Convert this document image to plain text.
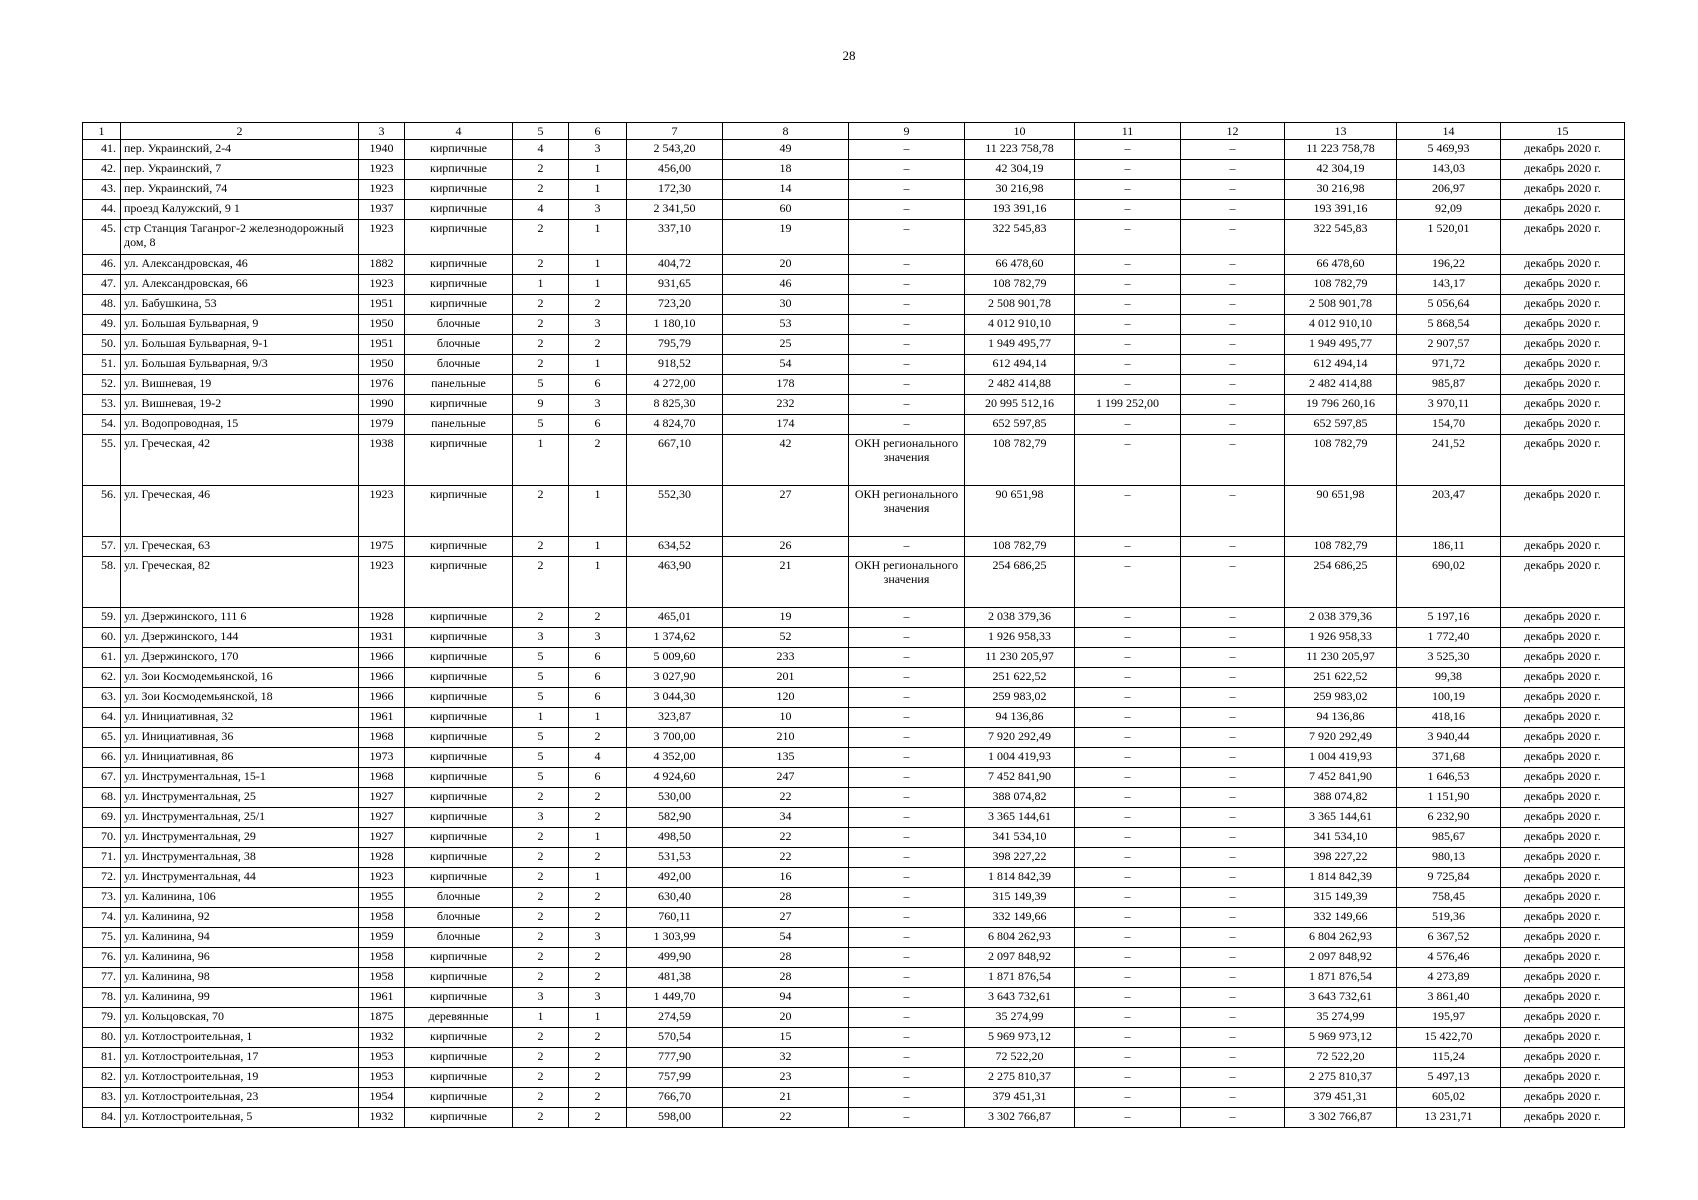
28
1	2	3	4	5	6	7	8	9	10	11	12	13	14	15
41.	пер. Украинский, 2-4	1940	кирпичные	4	3	2 543,20	49	–	11 223 758,78	–	–	11 223 758,78	5 469,93	декабрь 2020 г.
42.	пер. Украинский, 7	1923	кирпичные	2	1	456,00	18	–	42 304,19	–	–	42 304,19	143,03	декабрь 2020 г.
43.	пер. Украинский, 74	1923	кирпичные	2	1	172,30	14	–	30 216,98	–	–	30 216,98	206,97	декабрь 2020 г.
44.	проезд Калужский, 9 1	1937	кирпичные	4	3	2 341,50	60	–	193 391,16	–	–	193 391,16	92,09	декабрь 2020 г.
45.	стр Станция Таганрог-2 железнодорожный дом, 8	1923	кирпичные	2	1	337,10	19	–	322 545,83	–	–	322 545,83	1 520,01	декабрь 2020 г.
46.	ул. Александровская, 46	1882	кирпичные	2	1	404,72	20	–	66 478,60	–	–	66 478,60	196,22	декабрь 2020 г.
47.	ул. Александровская, 66	1923	кирпичные	1	1	931,65	46	–	108 782,79	–	–	108 782,79	143,17	декабрь 2020 г.
48.	ул. Бабушкина, 53	1951	кирпичные	2	2	723,20	30	–	2 508 901,78	–	–	2 508 901,78	5 056,64	декабрь 2020 г.
49.	ул. Большая Бульварная, 9	1950	блочные	2	3	1 180,10	53	–	4 012 910,10	–	–	4 012 910,10	5 868,54	декабрь 2020 г.
50.	ул. Большая Бульварная, 9-1	1951	блочные	2	2	795,79	25	–	1 949 495,77	–	–	1 949 495,77	2 907,57	декабрь 2020 г.
51.	ул. Большая Бульварная, 9/3	1950	блочные	2	1	918,52	54	–	612 494,14	–	–	612 494,14	971,72	декабрь 2020 г.
52.	ул. Вишневая, 19	1976	панельные	5	6	4 272,00	178	–	2 482 414,88	–	–	2 482 414,88	985,87	декабрь 2020 г.
53.	ул. Вишневая, 19-2	1990	кирпичные	9	3	8 825,30	232	–	20 995 512,16	1 199 252,00	–	19 796 260,16	3 970,11	декабрь 2020 г.
54.	ул. Водопроводная, 15	1979	панельные	5	6	4 824,70	174	–	652 597,85	–	–	652 597,85	154,70	декабрь 2020 г.
55.	ул. Греческая, 42	1938	кирпичные	1	2	667,10	42	ОКН регионального значения	108 782,79	–	–	108 782,79	241,52	декабрь 2020 г.
56.	ул. Греческая, 46	1923	кирпичные	2	1	552,30	27	ОКН регионального значения	90 651,98	–	–	90 651,98	203,47	декабрь 2020 г.
57.	ул. Греческая, 63	1975	кирпичные	2	1	634,52	26	–	108 782,79	–	–	108 782,79	186,11	декабрь 2020 г.
58.	ул. Греческая, 82	1923	кирпичные	2	1	463,90	21	ОКН регионального значения	254 686,25	–	–	254 686,25	690,02	декабрь 2020 г.
59.	ул. Дзержинского, 111 6	1928	кирпичные	2	2	465,01	19	–	2 038 379,36	–	–	2 038 379,36	5 197,16	декабрь 2020 г.
60.	ул. Дзержинского, 144	1931	кирпичные	3	3	1 374,62	52	–	1 926 958,33	–	–	1 926 958,33	1 772,40	декабрь 2020 г.
61.	ул. Дзержинского, 170	1966	кирпичные	5	6	5 009,60	233	–	11 230 205,97	–	–	11 230 205,97	3 525,30	декабрь 2020 г.
62.	ул. Зои Космодемьянской, 16	1966	кирпичные	5	6	3 027,90	201	–	251 622,52	–	–	251 622,52	99,38	декабрь 2020 г.
63.	ул. Зои Космодемьянской, 18	1966	кирпичные	5	6	3 044,30	120	–	259 983,02	–	–	259 983,02	100,19	декабрь 2020 г.
64.	ул. Инициативная, 32	1961	кирпичные	1	1	323,87	10	–	94 136,86	–	–	94 136,86	418,16	декабрь 2020 г.
65.	ул. Инициативная, 36	1968	кирпичные	5	2	3 700,00	210	–	7 920 292,49	–	–	7 920 292,49	3 940,44	декабрь 2020 г.
66.	ул. Инициативная, 86	1973	кирпичные	5	4	4 352,00	135	–	1 004 419,93	–	–	1 004 419,93	371,68	декабрь 2020 г.
67.	ул. Инструментальная, 15-1	1968	кирпичные	5	6	4 924,60	247	–	7 452 841,90	–	–	7 452 841,90	1 646,53	декабрь 2020 г.
68.	ул. Инструментальная, 25	1927	кирпичные	2	2	530,00	22	–	388 074,82	–	–	388 074,82	1 151,90	декабрь 2020 г.
69.	ул. Инструментальная, 25/1	1927	кирпичные	3	2	582,90	34	–	3 365 144,61	–	–	3 365 144,61	6 232,90	декабрь 2020 г.
70.	ул. Инструментальная, 29	1927	кирпичные	2	1	498,50	22	–	341 534,10	–	–	341 534,10	985,67	декабрь 2020 г.
71.	ул. Инструментальная, 38	1928	кирпичные	2	2	531,53	22	–	398 227,22	–	–	398 227,22	980,13	декабрь 2020 г.
72.	ул. Инструментальная, 44	1923	кирпичные	2	1	492,00	16	–	1 814 842,39	–	–	1 814 842,39	9 725,84	декабрь 2020 г.
73.	ул. Калинина, 106	1955	блочные	2	2	630,40	28	–	315 149,39	–	–	315 149,39	758,45	декабрь 2020 г.
74.	ул. Калинина, 92	1958	блочные	2	2	760,11	27	–	332 149,66	–	–	332 149,66	519,36	декабрь 2020 г.
75.	ул. Калинина, 94	1959	блочные	2	3	1 303,99	54	–	6 804 262,93	–	–	6 804 262,93	6 367,52	декабрь 2020 г.
76.	ул. Калинина, 96	1958	кирпичные	2	2	499,90	28	–	2 097 848,92	–	–	2 097 848,92	4 576,46	декабрь 2020 г.
77.	ул. Калинина, 98	1958	кирпичные	2	2	481,38	28	–	1 871 876,54	–	–	1 871 876,54	4 273,89	декабрь 2020 г.
78.	ул. Калинина, 99	1961	кирпичные	3	3	1 449,70	94	–	3 643 732,61	–	–	3 643 732,61	3 861,40	декабрь 2020 г.
79.	ул. Кольцовская, 70	1875	деревянные	1	1	274,59	20	–	35 274,99	–	–	35 274,99	195,97	декабрь 2020 г.
80.	ул. Котлостроительная, 1	1932	кирпичные	2	2	570,54	15	–	5 969 973,12	–	–	5 969 973,12	15 422,70	декабрь 2020 г.
81.	ул. Котлостроительная, 17	1953	кирпичные	2	2	777,90	32	–	72 522,20	–	–	72 522,20	115,24	декабрь 2020 г.
82.	ул. Котлостроительная, 19	1953	кирпичные	2	2	757,99	23	–	2 275 810,37	–	–	2 275 810,37	5 497,13	декабрь 2020 г.
83.	ул. Котлостроительная, 23	1954	кирпичные	2	2	766,70	21	–	379 451,31	–	–	379 451,31	605,02	декабрь 2020 г.
84.	ул. Котлостроительная, 5	1932	кирпичные	2	2	598,00	22	–	3 302 766,87	–	–	3 302 766,87	13 231,71	декабрь 2020 г.
